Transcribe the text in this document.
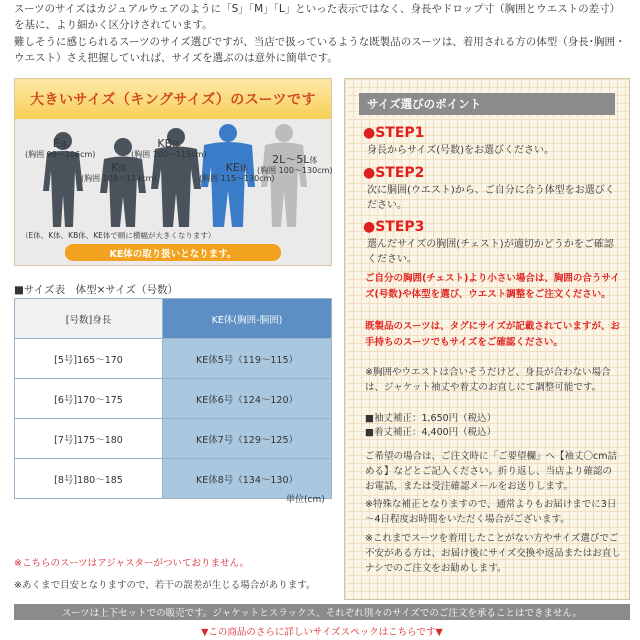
スーツのサイズはカジュアルウェアのように「S」「M」「L」といった表示ではなく、身長やドロップ寸（胸囲とウエストの差寸）を基に、より細かく区分けされています。

難しそうに感じられるスーツのサイズ選びですが、当店で扱っているような既製品のスーツは、着用される方の体型（身長･胸囲・ウエスト）さえ把握していれば、サイズを選ぶのは意外に簡単です。

大きいサイズ（キングサイズ）のスーツです
E体
(胸囲 98～106cm)
K体
(胸囲 108～114cm)
KB体
(胸囲 100～115cm)
KE体
(胸囲 115～130cm)
2L～5L体
(胸囲 100～130cm)
（E体、K体、KB体、KE体で順に横幅が大きくなります）
KE体の取り扱いとなります。
■サイズ表　体型×サイズ（号数）
[号数]身長	KE体(胸囲-胴囲)
[5号]165～170	KE体5号（119～115）
[6号]170～175	KE体6号（124～120）
[7号]175～180	KE体7号（129～125）
[8号]180～185	KE体8号（134～130）
単位(cm)
※こちらのスーツはアジャスターがついておりません。
※あくまで目安となりますので、若干の誤差が生じる場合があります。
サイズ選びのポイント
●STEP1
身長からサイズ(号数)をお選びください。
●STEP2
次に胴囲(ウエスト)から、ご自分に合う体型をお選びください。
●STEP3
選んだサイズの胸囲(チェスト)が適切かどうかをご確認ください。
ご自分の胸囲(チェスト)より小さい場合は、胸囲の合うサイズ(号数)や体型を選び、ウエスト調整をご注文ください。
既製品のスーツは、タグにサイズが記載されていますが、お手持ちのスーツでもサイズをご確認ください。
※胸囲やウエストは合いそうだけど、身長が合わない場合は、ジャケット袖丈や着丈のお直しにて調整可能です。
■袖丈補正：1,650円（税込）
■着丈補正：4,400円（税込）
ご希望の場合は、ご注文時に「ご要望欄」へ【袖丈〇cm詰める】などとご記入ください。折り返し、当店より確認のお電話、または受注確認メールをお送りします。
※特殊な補正となりますので、通常よりもお届けまでに3日～4日程度お時間をいただく場合がございます。
※これまでスーツを着用したことがない方やサイズ選びでご不安がある方は、お届け後にサイズ交換や返品またはお直しナシでのご注文をお勧めします。
スーツは上下セットでの販売です。ジャケットとスラックス、それぞれ別々のサイズでのご注文を承ることはできません。
▼この商品のさらに詳しいサイズスペックはこちらです▼
